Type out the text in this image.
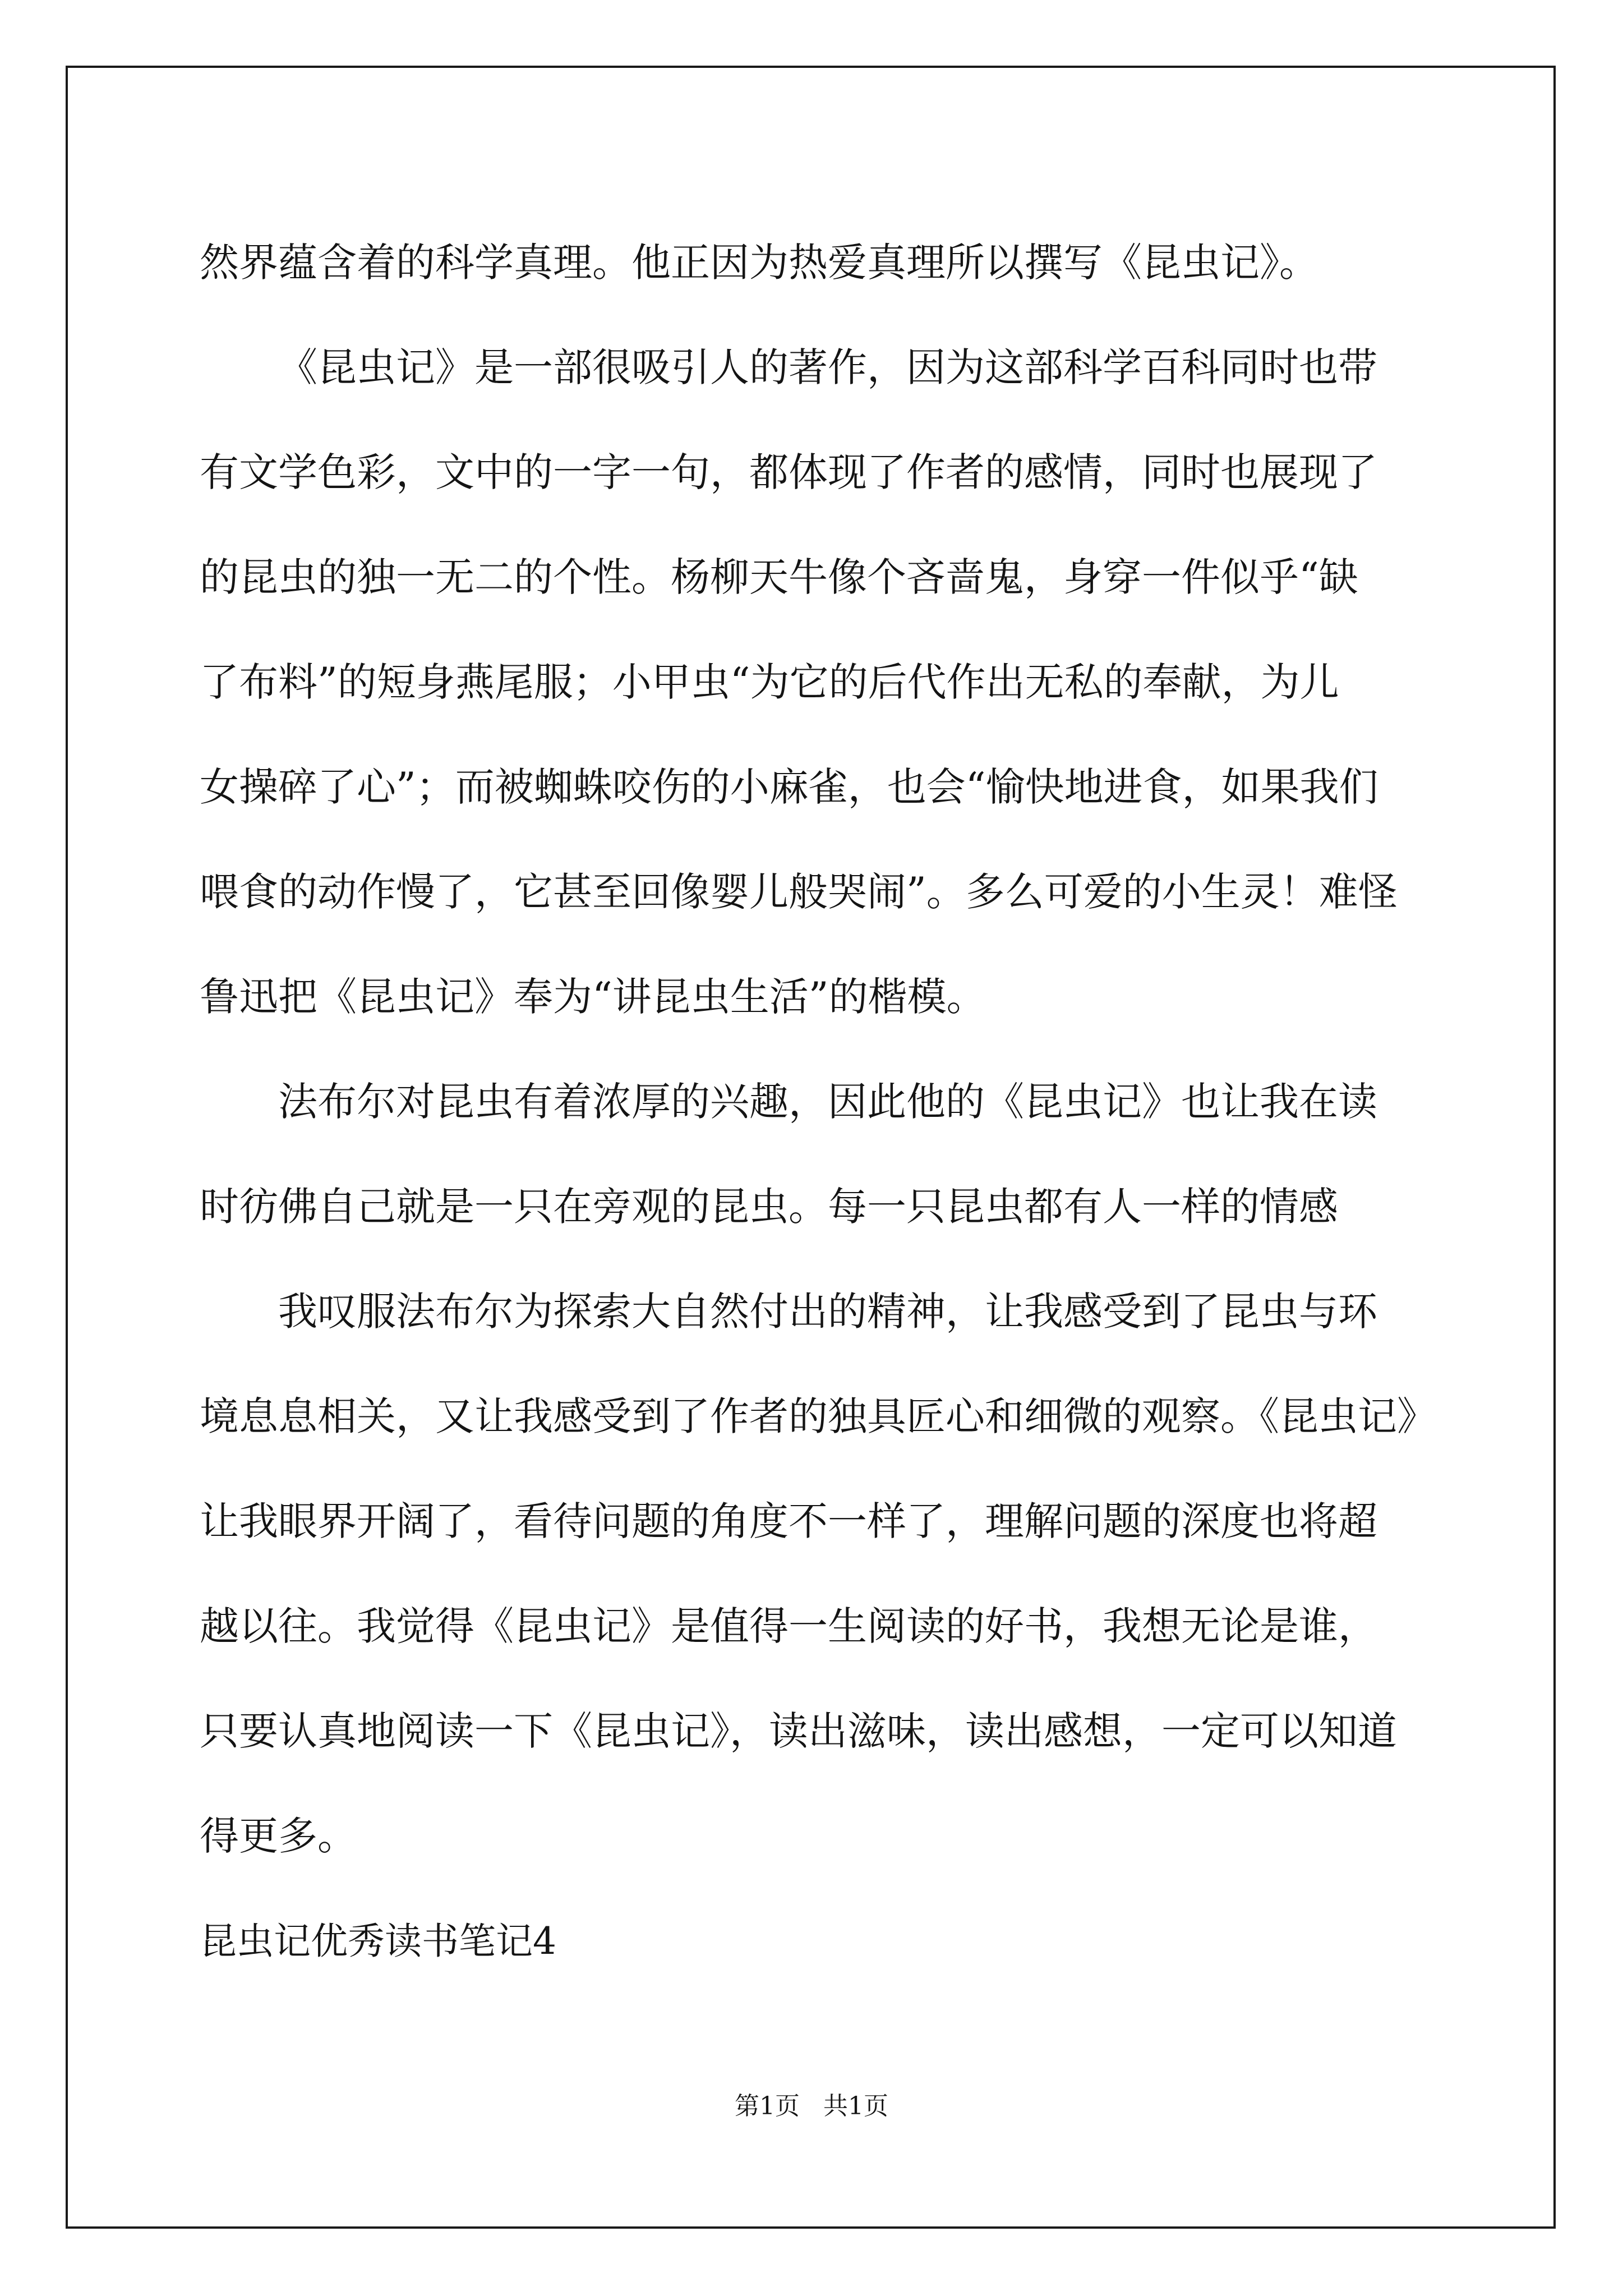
然界蕴含着的科学真理。他正因为热爱真理所以撰写《昆虫记》。

《昆虫记》是一部很吸引人的著作，因为这部科学百科同时也带

有文学色彩，文中的一字一句，都体现了作者的感情，同时也展现了

的昆虫的独一无二的个性。杨柳天牛像个吝啬鬼，身穿一件似乎“缺

了布料”的短身燕尾服；小甲虫“为它的后代作出无私的奉献，为儿

女操碎了心”；而被蜘蛛咬伤的小麻雀，也会“愉快地进食，如果我们

喂食的动作慢了，它甚至回像婴儿般哭闹”。多么可爱的小生灵！难怪

鲁迅把《昆虫记》奉为“讲昆虫生活”的楷模。

法布尔对昆虫有着浓厚的兴趣，因此他的《昆虫记》也让我在读

时彷佛自己就是一只在旁观的昆虫。每一只昆虫都有人一样的情感

我叹服法布尔为探索大自然付出的精神，让我感受到了昆虫与环

境息息相关，又让我感受到了作者的独具匠心和细微的观察。《昆虫记》

让我眼界开阔了，看待问题的角度不一样了，理解问题的深度也将超

越以往。我觉得《昆虫记》是值得一生阅读的好书，我想无论是谁，

只要认真地阅读一下《昆虫记》，读出滋味，读出感想，一定可以知道

得更多。

昆虫记优秀读书笔记4

第1页   共1页
